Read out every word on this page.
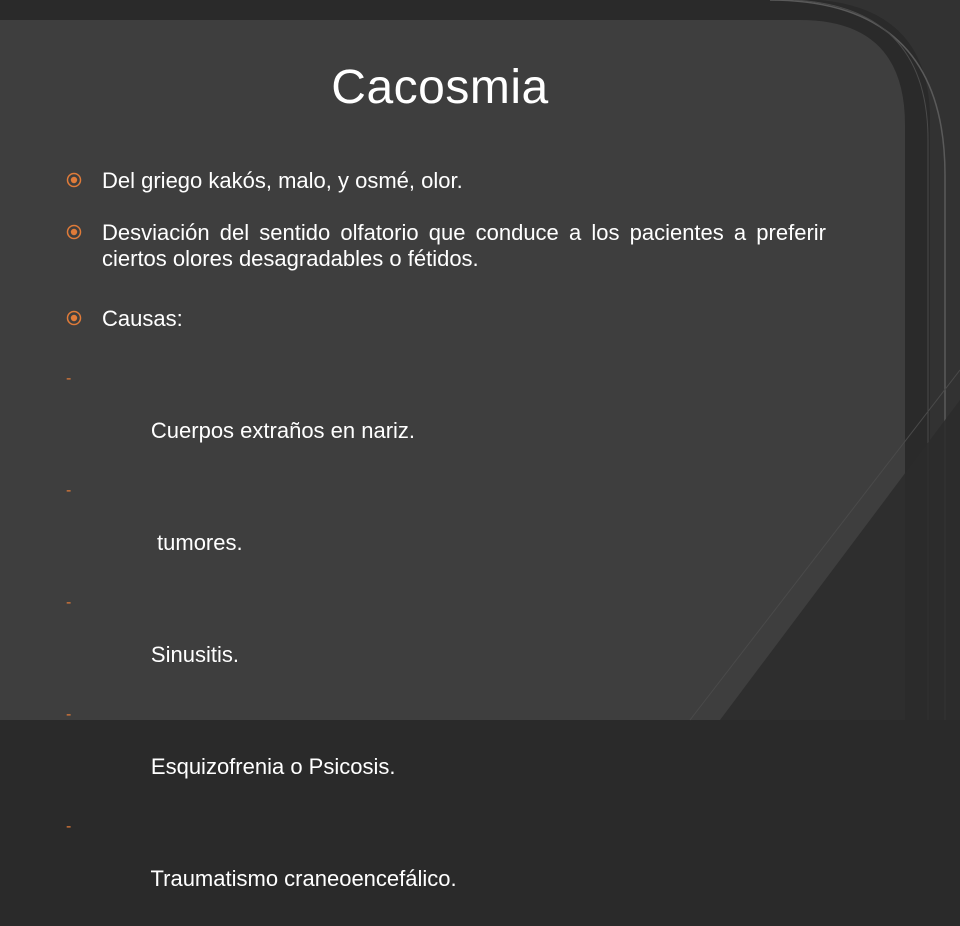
Cacosmia
Del griego kakós, malo, y osmé, olor.
Desviación del sentido olfatorio que conduce a los pacientes a preferir ciertos olores desagradables o fétidos.
Causas:

-

Cuerpos extraños en nariz.

-

tumores.

-

Sinusitis.

-

Esquizofrenia o Psicosis.

-

Traumatismo craneoencefálico.
